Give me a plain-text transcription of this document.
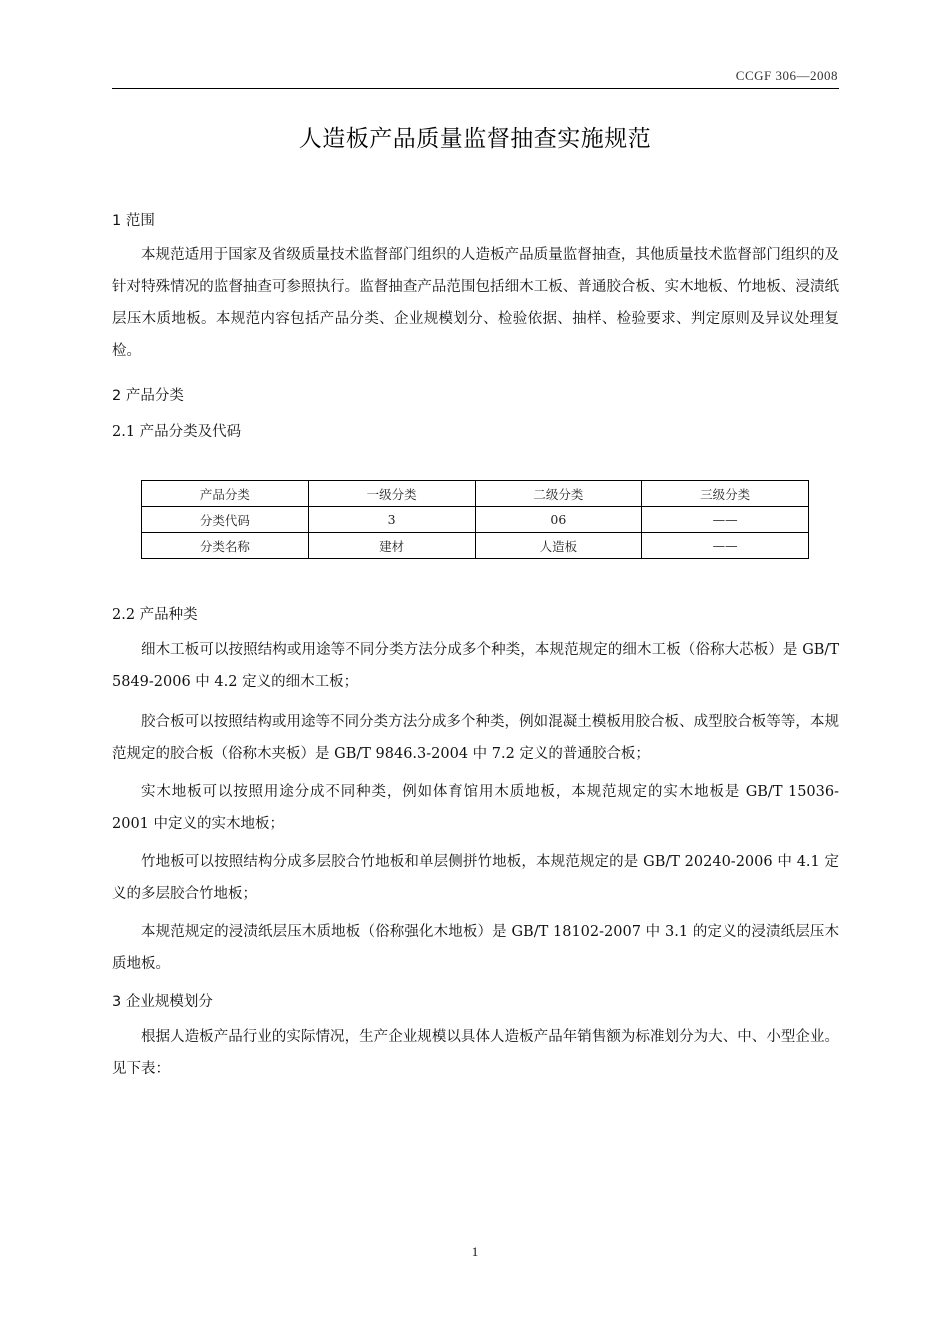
CCGF 306—2008
人造板产品质量监督抽查实施规范
1 范围
本规范适用于国家及省级质量技术监督部门组织的人造板产品质量监督抽查，其他质量技术监督部门组织的及针对特殊情况的监督抽查可参照执行。监督抽查产品范围包括细木工板、普通胶合板、实木地板、竹地板、浸渍纸层压木质地板。本规范内容包括产品分类、企业规模划分、检验依据、抽样、检验要求、判定原则及异议处理复检。
2 产品分类
2.1 产品分类及代码
产品分类	一级分类	二级分类	三级分类
分类代码	3	06	——
分类名称	建材	人造板	——
2.2 产品种类
细木工板可以按照结构或用途等不同分类方法分成多个种类，本规范规定的细木工板（俗称大芯板）是 GB/T 5849-2006 中 4.2 定义的细木工板；
胶合板可以按照结构或用途等不同分类方法分成多个种类，例如混凝土模板用胶合板、成型胶合板等等，本规范规定的胶合板（俗称木夹板）是 GB/T 9846.3-2004 中 7.2 定义的普通胶合板；
实木地板可以按照用途分成不同种类，例如体育馆用木质地板，本规范规定的实木地板是 GB/T 15036-2001 中定义的实木地板；
竹地板可以按照结构分成多层胶合竹地板和单层侧拼竹地板，本规范规定的是 GB/T 20240-2006 中 4.1 定义的多层胶合竹地板；
本规范规定的浸渍纸层压木质地板（俗称强化木地板）是 GB/T 18102-2007 中 3.1 的定义的浸渍纸层压木质地板。
3 企业规模划分
根据人造板产品行业的实际情况，生产企业规模以具体人造板产品年销售额为标准划分为大、中、小型企业。见下表：
1
